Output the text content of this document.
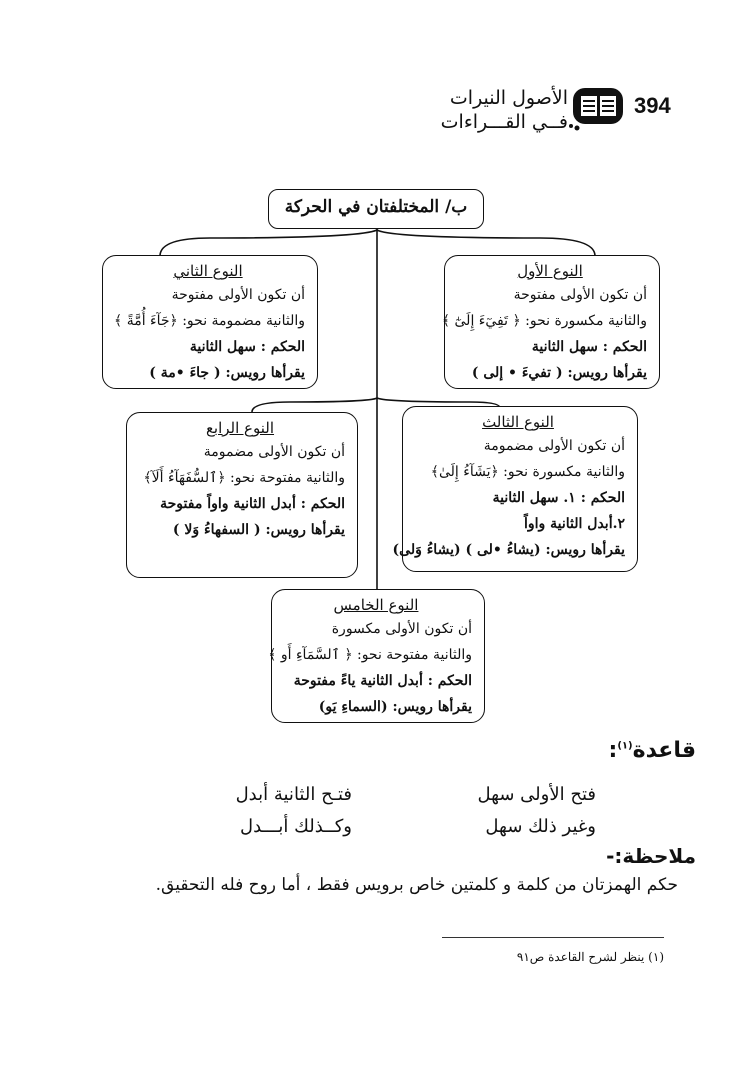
394
الأصول النيرات
فــي القـــراءات
ب/ المختلفتان في الحركة
النوع الأول
أن تكون الأولى مفتوحة
والثانية مكسورة نحو: ﴿ تَفِيٓءَ إِلَىٰٓ ﴾
الحكم : سهل الثانية
يقرأها رويس: ( تفيءَ • إلى )
النوع الثاني
أن تكون الأولى مفتوحة
والثانية مضمومة نحو: ﴿جَآءَ أُمَّةً ﴾
الحكم : سهل الثانية
يقرأها رويس: ( جاءَ •مة )
النوع الثالث
أن تكون الأولى مضمومة
والثانية مكسورة نحو: ﴿يَشَآءُ إِلَىٰ﴾
الحكم : ١. سهل الثانية
٢.أبدل الثانية واواً
يقرأها رويس: (يشاءُ •لى ) (يشاءُ وَلى)
النوع الرابع
أن تكون الأولى مضمومة
والثانية مفتوحة نحو: ﴿ٱلسُّفَهَآءُ أَلَآ﴾
الحكم : أبدل الثانية واواً مفتوحة
يقرأها رويس: ( السفهاءُ وَلا )
النوع الخامس
أن تكون الأولى مكسورة
والثانية مفتوحة نحو: ﴿ ٱلسَّمَآءِ أَو ﴾
الحكم : أبدل الثانية ياءً مفتوحة
يقرأها رويس: (السماءِ يَو)
قاعدة$^{(١)}$:
فتح الأولى سهل
فتـح الثانية أبدل
وغير ذلك سهل
وكــذلك أبـــدل
ملاحظة:-
حكم الهمزتان من كلمة و كلمتين خاص برويس فقط ، أما روح فله التحقيق.
(١) ينظر لشرح القاعدة ص٩١
